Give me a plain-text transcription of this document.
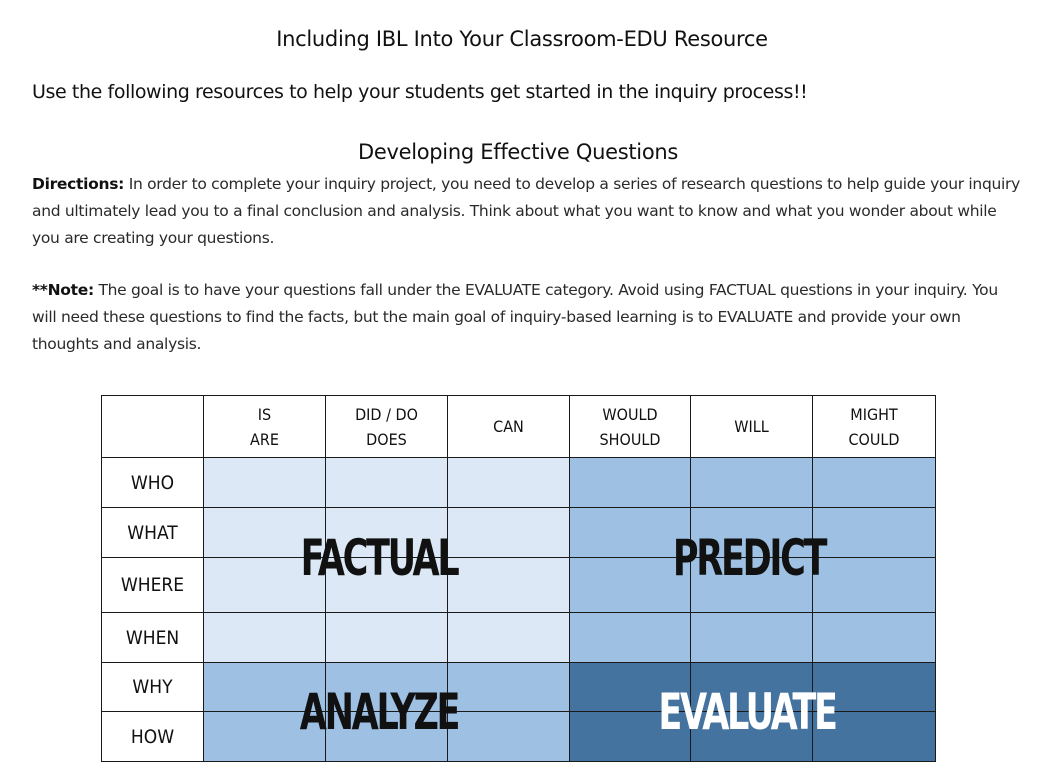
Including IBL Into Your Classroom-EDU Resource
Use the following resources to help your students get started in the inquiry process!!
Developing Effective Questions
Directions: In order to complete your inquiry project, you need to develop a series of research questions to help guide your inquiry and ultimately lead you to a final conclusion and analysis. Think about what you want to know and what you wonder about while you are creating your questions.
**Note: The goal is to have your questions fall under the EVALUATE category. Avoid using FACTUAL questions in your inquiry. You will need these questions to find the facts, but the main goal of inquiry-based learning is to EVALUATE and provide your own thoughts and analysis.
IS
ARE
DID / DO
DOES
CAN
WOULD
SHOULD
WILL
MIGHT
COULD
WHO
WHAT
WHERE
WHEN
WHY
HOW
FACTUAL	PREDICT
ANALYZE	EVALUATE
